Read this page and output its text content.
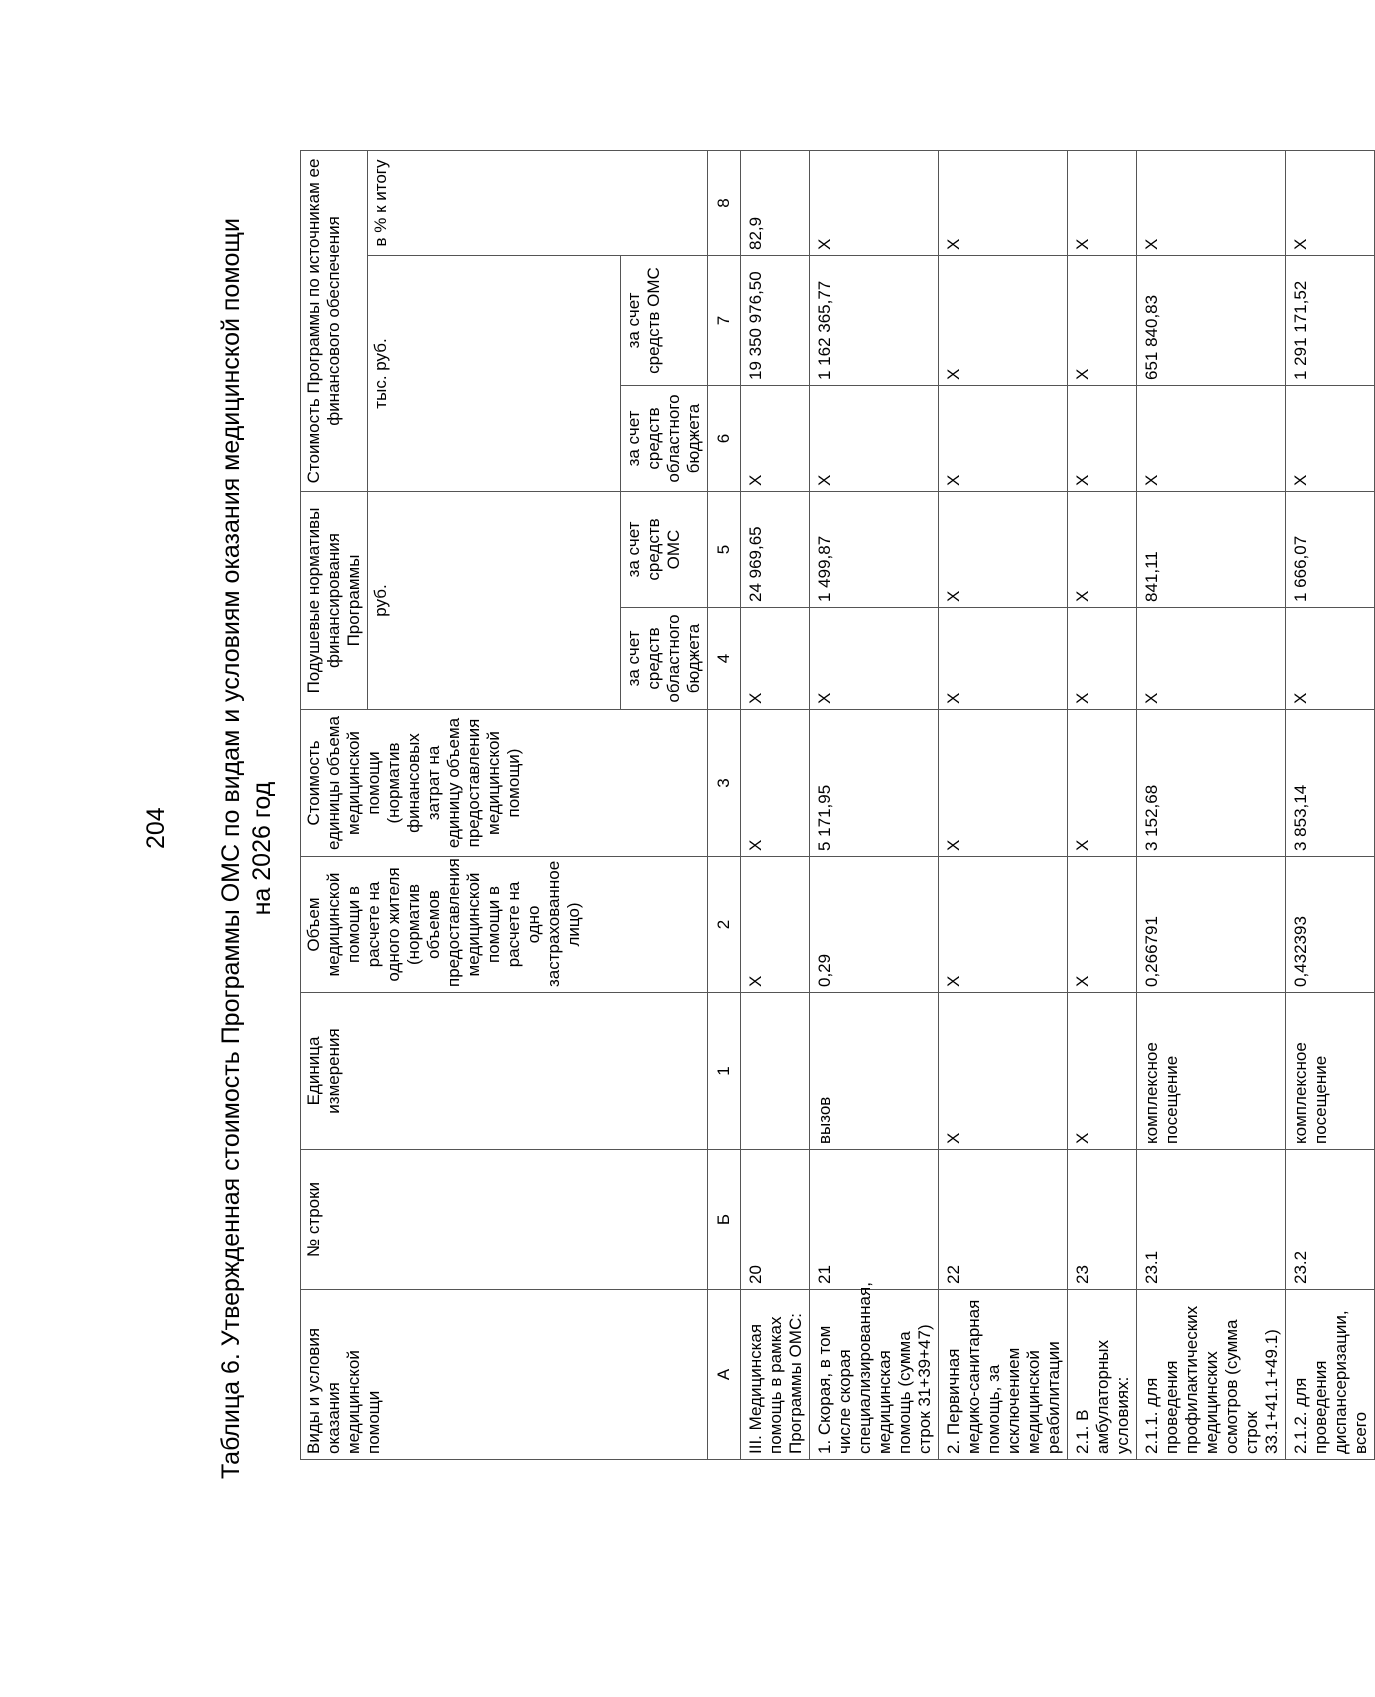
204 Таблица 6. Утвержденная стоимость Программы ОМС по видам и условиям оказания медицинской помощи на 2026 год
Виды и условия оказания медицинской помощи	№ строки	Единица измерения	Объем медицинской помощи в расчете на одного жителя (норматив объемов предоставления медицинской помощи в расчете на одно застрахованное лицо)	Стоимость единицы объема медицинской помощи (норматив финансовых затрат на единицу объема предоставления медицинской помощи)	Подушевые нормативы финансирования Программы		Стоимость Программы по источникам ее финансового обеспечения		
					руб.		тыс. руб.		в % к итогу
					за счет средств областного бюджета	за счет средств ОМС	за счет средств областного бюджета	за счет средств ОМС	
А	Б	1	2	3	4	5	6	7	8
III. Медицинская помощь в рамках Программы ОМС:	20		Х	Х	Х	24 969,65	Х	19 350 976,50	82,9
1. Скорая, в том числе скорая специализированная, медицинская помощь (сумма строк 31+39+47)	21	вызов	0,29	5 171,95	Х	1 499,87	Х	1 162 365,77	Х
2. Первичная медико-санитарная помощь, за исключением медицинской реабилитации	22	Х	Х	Х	Х	Х	Х	Х	Х
2.1. В амбулаторных условиях:	23	Х	Х	Х	Х	Х	Х	Х	Х
2.1.1. для проведения профилактических медицинских осмотров (сумма строк 33.1+41.1+49.1)	23.1	комплексное посещение	0,266791	3 152,68	Х	841,11	Х	651 840,83	Х
2.1.2. для проведения диспансеризации, всего	23.2	комплексное посещение	0,432393	3 853,14	Х	1 666,07	Х	1 291 171,52	Х
